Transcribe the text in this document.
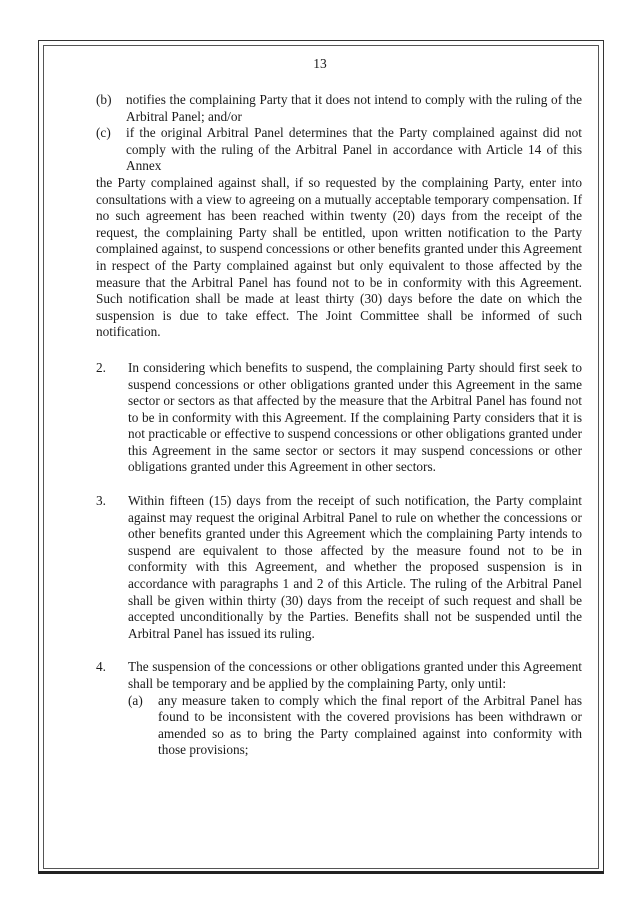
13
(b) notifies the complaining Party that it does not intend to comply with the ruling of the Arbitral Panel; and/or

(c) if the original Arbitral Panel determines that the Party complained against did not comply with the ruling of the Arbitral Panel in accordance with Article 14 of this Annex

the Party complained against shall, if so requested by the complaining Party, enter into consultations with a view to agreeing on a mutually acceptable temporary compensation. If no such agreement has been reached within twenty (20) days from the receipt of the request, the complaining Party shall be entitled, upon written notification to the Party complained against, to suspend concessions or other benefits granted under this Agreement in respect of the Party complained against but only equivalent to those affected by the measure that the Arbitral Panel has found not to be in conformity with this Agreement. Such notification shall be made at least thirty (30) days before the date on which the suspension is due to take effect. The Joint Committee shall be informed of such notification.

2. In considering which benefits to suspend, the complaining Party should first seek to suspend concessions or other obligations granted under this Agreement in the same sector or sectors as that affected by the measure that the Arbitral Panel has found not to be in conformity with this Agreement. If the complaining Party considers that it is not practicable or effective to suspend concessions or other obligations granted under this Agreement in the same sector or sectors it may suspend concessions or other obligations granted under this Agreement in other sectors.

3. Within fifteen (15) days from the receipt of such notification, the Party complaint against may request the original Arbitral Panel to rule on whether the concessions or other benefits granted under this Agreement which the complaining Party intends to suspend are equivalent to those affected by the measure found not to be in conformity with this Agreement, and whether the proposed suspension is in accordance with paragraphs 1 and 2 of this Article. The ruling of the Arbitral Panel shall be given within thirty (30) days from the receipt of such request and shall be accepted unconditionally by the Parties. Benefits shall not be suspended until the Arbitral Panel has issued its ruling.

4. The suspension of the concessions or other obligations granted under this Agreement shall be temporary and be applied by the complaining Party, only until:

(a) any measure taken to comply which the final report of the Arbitral Panel has found to be inconsistent with the covered provisions has been withdrawn or amended so as to bring the Party complained against into conformity with those provisions;
